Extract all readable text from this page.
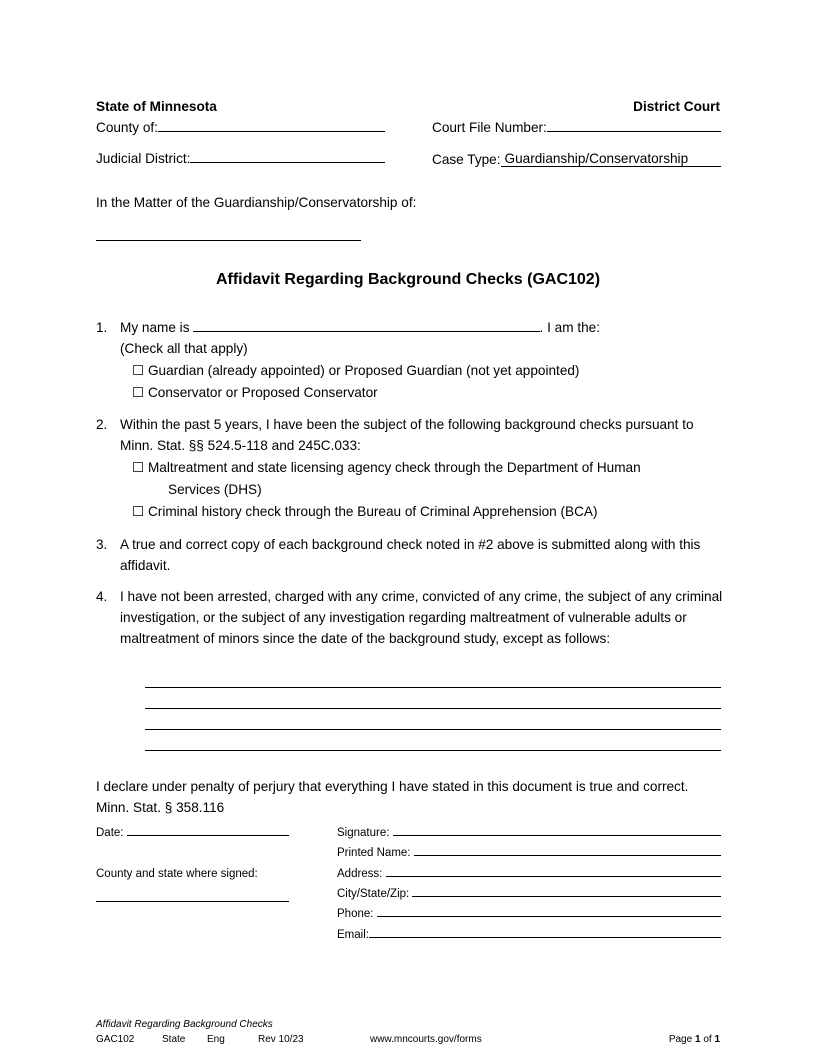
State of Minnesota	District Court
County of:	Court File Number:
Judicial District:	Case Type: Guardianship/Conservatorship
In the Matter of the Guardianship/Conservatorship of:
Affidavit Regarding Background Checks (GAC102)
1. My name is
	. I am the:
(Check all that apply)
☐ Guardian (already appointed) or Proposed Guardian (not yet appointed)
☐ Conservator or Proposed Conservator
2. Within the past 5 years, I have been the subject of the following background checks pursuant to Minn. Stat. §§ 524.5-118 and 245C.033:
☐ Maltreatment and state licensing agency check through the Department of Human
Services (DHS)
☐ Criminal history check through the Bureau of Criminal Apprehension (BCA)
3. A true and correct copy of each background check noted in #2 above is submitted along with this affidavit.
4. I have not been arrested, charged with any crime, convicted of any crime, the subject of any criminal investigation, or the subject of any investigation regarding maltreatment of vulnerable adults or maltreatment of minors since the date of the background study, except as follows:
I declare under penalty of perjury that everything I have stated in this document is true and correct. Minn. Stat. § 358.116
Date:

County and state where signed:
Signature:

Printed Name:

Address:

City/State/Zip:

Phone:

Email:
Affidavit Regarding Background Checks
GAC102	State Eng	Rev 10/23	www.mncourts.gov/forms	Page 1 of 1
